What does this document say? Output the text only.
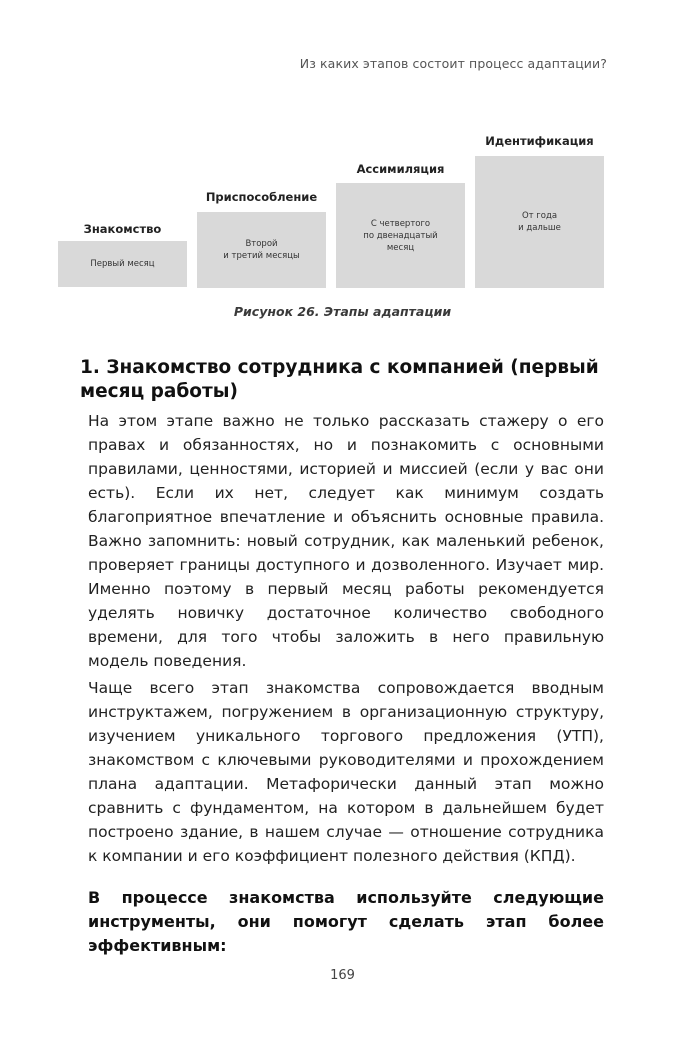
Из каких этапов состоит процесс адаптации?
Знакомство
Первый месяц
Приспособление
Второй
и третий месяцы
Ассимиляция
С четвертого
по двенадцатый
месяц
Идентификация
От года
и дальше
Рисунок 26. Этапы адаптации
1. Знакомство сотрудника с компанией (первый месяц работы)
На этом этапе важно не только рассказать стажеру о его правах и обязанностях, но и познакомить с основными правилами, ценностями, историей и миссией (если у вас они есть). Если их нет, следует как минимум создать благоприятное впечатление и объяснить основные правила. Важно запомнить: новый сотрудник, как маленький ребенок, проверяет границы доступного и дозволенного. Изучает мир. Именно поэтому в первый месяц работы рекомендуется уделять новичку достаточное количество свободного времени, для того чтобы заложить в него правильную модель поведения.
Чаще всего этап знакомства сопровождается вводным инструктажем, погружением в организационную структуру, изучением уникального торгового предложения (УТП), знакомством с ключевыми руководителями и прохождением плана адаптации. Метафорически данный этап можно сравнить с фундаментом, на котором в дальнейшем будет построено здание, в нашем случае — отношение сотрудника к компании и его коэффициент полезного действия (КПД).
В процессе знакомства используйте следующие инструменты, они помогут сделать этап более эффективным:
169
